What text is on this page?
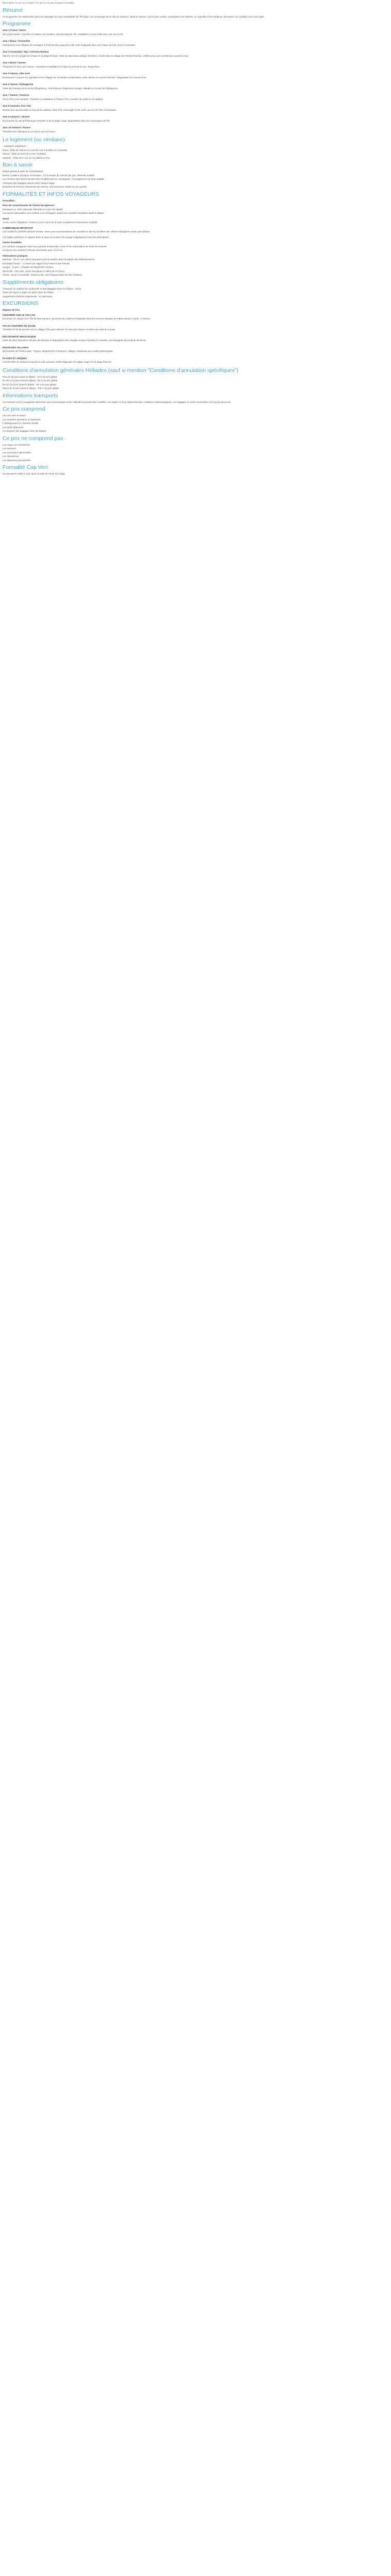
Description Ce qui est compris? Ce qui ne est pas compris Formalités

Résumé

Un programme de randonnées dans les paysages les plus inoubliables de l'île Egée, sur la sauvage de la côte de Santorin, Ikaria et Samos. Circuit sans voiture, présentant trois rythmes, un vignoble et les traditions. Découvrez la Cyclades de la mer Egée.

Programme

Jour 1 France / Ikaria

Vol jusqu'à Ikaria. Transfert en bateau vers Evdilos, port principal de l'île. Installation à votre hôtel avec vue sur la mer.

Jour 2 Ikaria / Armenistis

Randonnée entre villages de montagne et forêt de pins jusqu'à la côte nord. Baignade dans une crique secrète. Nuit à Armenistis.

Jour 3 Armenistis / Nas / Christos Raches

Marche vers les gorges de Chalari et la plage de Nas. Visite du sanctuaire antique d'Artémis. Soirée dans le village de Christos Raches, célèbre pour ses commerces ouverts la nuit.

Jour 4 Ikaria / Samos

Traversée en ferry vers Samos. Transfert et installation à l'hôtel au bord de la mer. Temps libre.

Jour 5 Samos, côte nord

Randonnée à travers les vignobles et les villages de Vourliotes et Manolates, entre oliviers et sources fraîches. Dégustation du muscat local.

Jour 6 Samos / Pythagorion

Visite de l'Heraion et du tunnel d'Eupalinos, chef-d'œuvre d'ingénierie antique. Balade sur le port de Pythagorion.

Jour 7 Samos / Santorin

Vol ou ferry vers Santorin. Transfert et installation à l'hôtel à Fira. Coucher de soleil sur la caldeira.

Jour 8 Santorin, Fira / Oia

Randonnée spectaculaire le long de la caldeira, entre Fira, Imerovigli et Oia, avec vue sur les îlots volcaniques.

Jour 9 Santorin / Akrotiri

Découverte du site préhistorique d'Akrotiri et de la plage rouge. Dégustation des vins volcaniques de l'île.

Jour 10 Santorin / France

Transfert vers l'aéroport et vol retour vers la France.

Le logement (ou similaire)

- Catégorie Supérieure :

Ikaria : hôtel de charme en bord de mer à Evdilos et Armenistis

Samos : hôtel au bord de la mer à Kokkari

Santorin : hôtel avec vue sur la caldeira à Fira

Bon à savoir

Départ garanti à partir de 2 participants.

Bonne condition physique nécessaire : 4 à 6 heures de marche par jour, dénivelé modéré.

Les horaires des ferries peuvent être modifiés par les compagnies ; le programme est alors adapté.

Transport des bagages assuré entre chaque étape.

Emportez de bonnes chaussures de marche, une protection solaire et une gourde.

FORMALITÉS ET INFOS VOYAGEURS

Formalités :

Pour les ressortissants de l'Union Européenne :

Passeport ou carte nationale d'identité en cours de validité.

Les autres nationalités sont invitées à se renseigner auprès du consulat compétent avant le départ.

Santé

Aucun vaccin obligatoire. Pensez à vous munir de la carte européenne d'assurance maladie.

COMMUNIQUÉ IMPORTANT

Les conditions d'entrée peuvent évoluer. Nous vous recommandons de consulter le site du ministère des Affaires étrangères avant votre départ.

Les règles sanitaires en vigueur dans le pays au moment du voyage s'appliquent à tous les participants.

Autres formalités

Les mineurs voyageant sans leurs parents doivent être munis d'une autorisation de sortie du territoire.

Le permis de conduire n'est pas nécessaire pour ce circuit.

Informations pratiques

Monnaie : l'euro. Les cartes bancaires sont acceptées dans la plupart des établissements.

Décalage horaire : +1 heure par rapport à la France toute l'année.

Langue : le grec. L'anglais est largement compris.

Électricité : 220 volts, prises identiques à celles de la France.

Climat : doux et ensoleillé, chaud en été, vent fréquent dans les îles (meltem).

Suppléments obligatoires

Transport du matériel de randonnée et des bagages entre les étapes : inclus.

Taxes de séjour à régler sur place dans les hôtels.

Supplément chambre individuelle : sur demande.

EXCURSIONS

Départs de Fira

CROISIÈRE SUR LE VOLCAN

Excursion en caïque vers l'îlot de Nea Kameni, ascension du cratère et baignade dans les sources chaudes de Palea Kameni. Durée : 6 heures.

OIA AU COUCHER DU SOLEIL

Transfert en fin de journée vers le village d'Oia pour admirer l'un des plus beaux couchers de soleil du monde.

DÉCOUVERTE ŒNOLOGIQUE

Visite de deux domaines viticoles de Santorin et dégustation des cépages locaux Assyrtiko et Vinsanto, accompagnée de produits du terroir.

ROUTE DES VILLAGES

Découverte de l'arrière-pays : Pyrgos, Megalochori et Emporio, villages médiévaux aux ruelles pittoresques.

PLAGES ET CRIQUES

Journée libre en bateau le long de la côte sud avec arrêts baignade à la plage rouge et à la plage blanche.

Conditions d'annulation générales Héliades (sauf si mention "Conditions d'annulation spécifiques")

Plus de 30 jours avant le départ : 10 % du prix global.

De 30 à 21 jours avant le départ : 25 % du prix global.

De 20 à 8 jours avant le départ : 50 % du prix global.

Moins de 8 jours avant le départ : 100 % du prix global.

Informations transports

Les horaires et les compagnies aériennes sont communiqués à titre indicatif et peuvent être modifiés. Les trajets en ferry dépendent des conditions météorologiques. Les bagages en soute sont limités à 20 kg par personne.

Ce prix comprend

Les vols aller et retour

Les transferts terrestres et maritimes

L'hébergement en chambre double

Les petits-déjeuners

Le transport des bagages entre les étapes

Ce prix ne comprend pas

Les repas non mentionnés

Les boissons

Les excursions optionnelles

Les assurances

Les dépenses personnelles

Formalité Cap Vert

Un passeport valide 6 mois après la date de retour est exigé.
